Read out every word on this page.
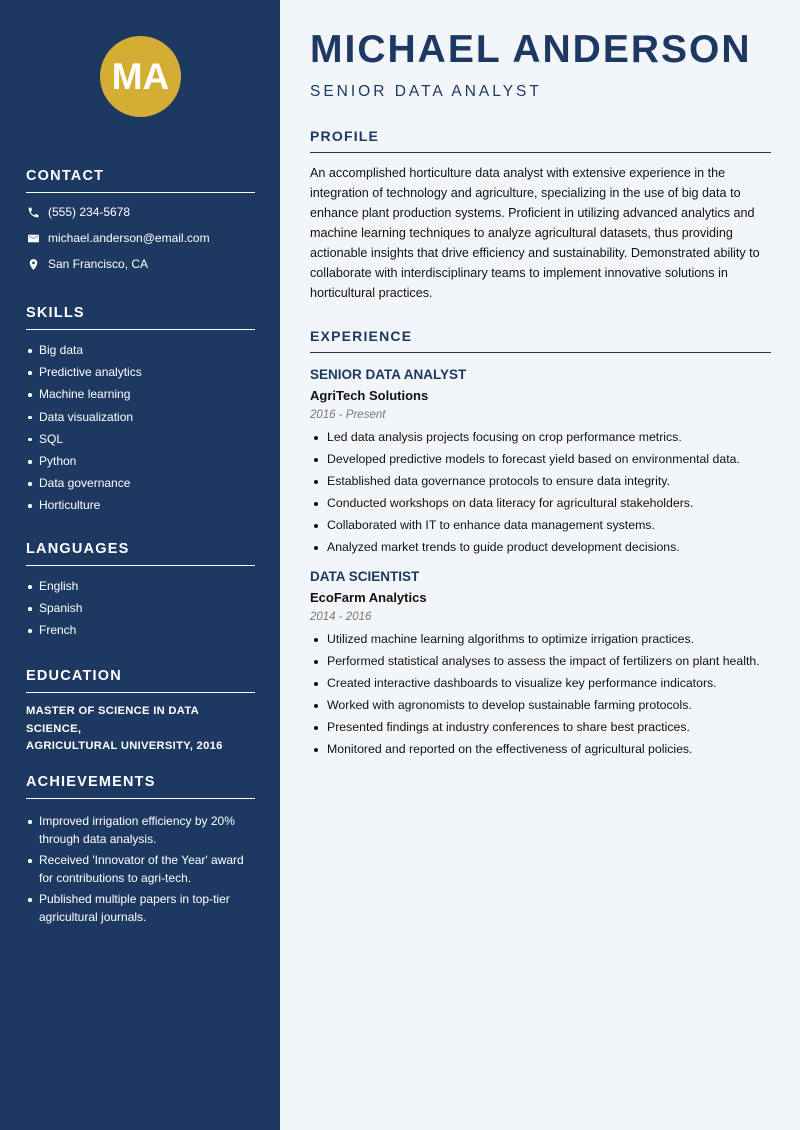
MA
CONTACT
(555) 234-5678
michael.anderson@email.com
San Francisco, CA
SKILLS
Big data
Predictive analytics
Machine learning
Data visualization
SQL
Python
Data governance
Horticulture
LANGUAGES
English
Spanish
French
EDUCATION
MASTER OF SCIENCE IN DATA SCIENCE,
AGRICULTURAL UNIVERSITY, 2016
ACHIEVEMENTS
Improved irrigation efficiency by 20% through data analysis.
Received 'Innovator of the Year' award for contributions to agri-tech.
Published multiple papers in top-tier agricultural journals.
MICHAEL ANDERSON
SENIOR DATA ANALYST
PROFILE

An accomplished horticulture data analyst with extensive experience in the integration of technology and agriculture, specializing in the use of big data to enhance plant production systems. Proficient in utilizing advanced analytics and machine learning techniques to analyze agricultural datasets, thus providing actionable insights that drive efficiency and sustainability. Demonstrated ability to collaborate with interdisciplinary teams to implement innovative solutions in horticultural practices.

EXPERIENCE
SENIOR DATA ANALYST
AgriTech Solutions
2016 - Present
Led data analysis projects focusing on crop performance metrics.
Developed predictive models to forecast yield based on environmental data.
Established data governance protocols to ensure data integrity.
Conducted workshops on data literacy for agricultural stakeholders.
Collaborated with IT to enhance data management systems.
Analyzed market trends to guide product development decisions.
DATA SCIENTIST
EcoFarm Analytics
2014 - 2016
Utilized machine learning algorithms to optimize irrigation practices.
Performed statistical analyses to assess the impact of fertilizers on plant health.
Created interactive dashboards to visualize key performance indicators.
Worked with agronomists to develop sustainable farming protocols.
Presented findings at industry conferences to share best practices.
Monitored and reported on the effectiveness of agricultural policies.
